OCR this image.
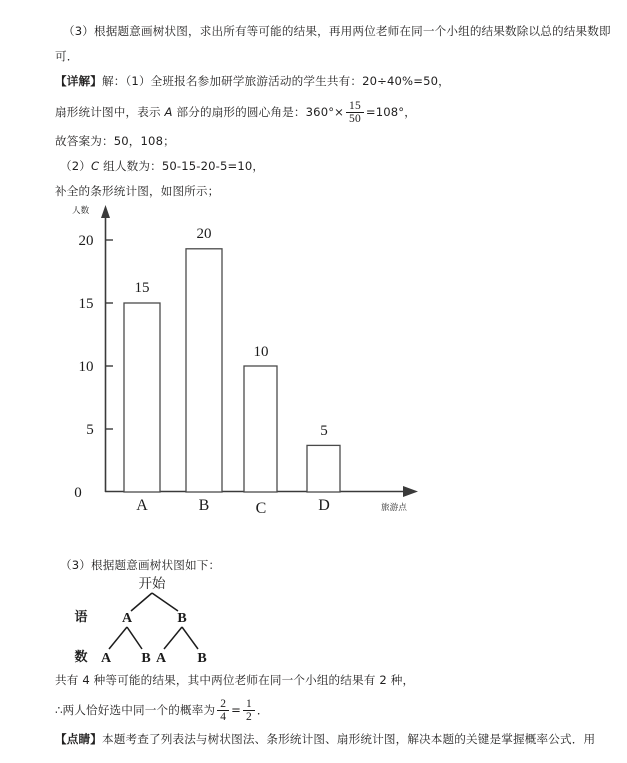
（3）根据题意画树状图，求出所有等可能的结果，再用两位老师在同一个小组的结果数除以总的结果数即
可．
【详解】解：（1）全班报名参加研学旅游活动的学生共有：20÷40%=50，
扇形统计图中，表示 A 部分的扇形的圆心角是：$360^\circ\times \frac{15}{50} =108^\circ$，
故答案为：50，108；
（2）C 组人数为：50-15-20-5=10，
补全的条形统计图，如图所示；
人数
旅游点
0
5
10
15
20
15
20
10
5
A	B	C	D
（3）根据题意画树状图如下：
开始
语
数
A	B
A B A B
共有 4 种等可能的结果，其中两位老师在同一个小组的结果有 2 种，
∴两人恰好选中同一个的概率为 $\frac{2}{4} = \frac{1}{2}$ ．
【点睛】本题考查了列表法与树状图法、条形统计图、扇形统计图，解决本题的关键是掌握概率公式．用
